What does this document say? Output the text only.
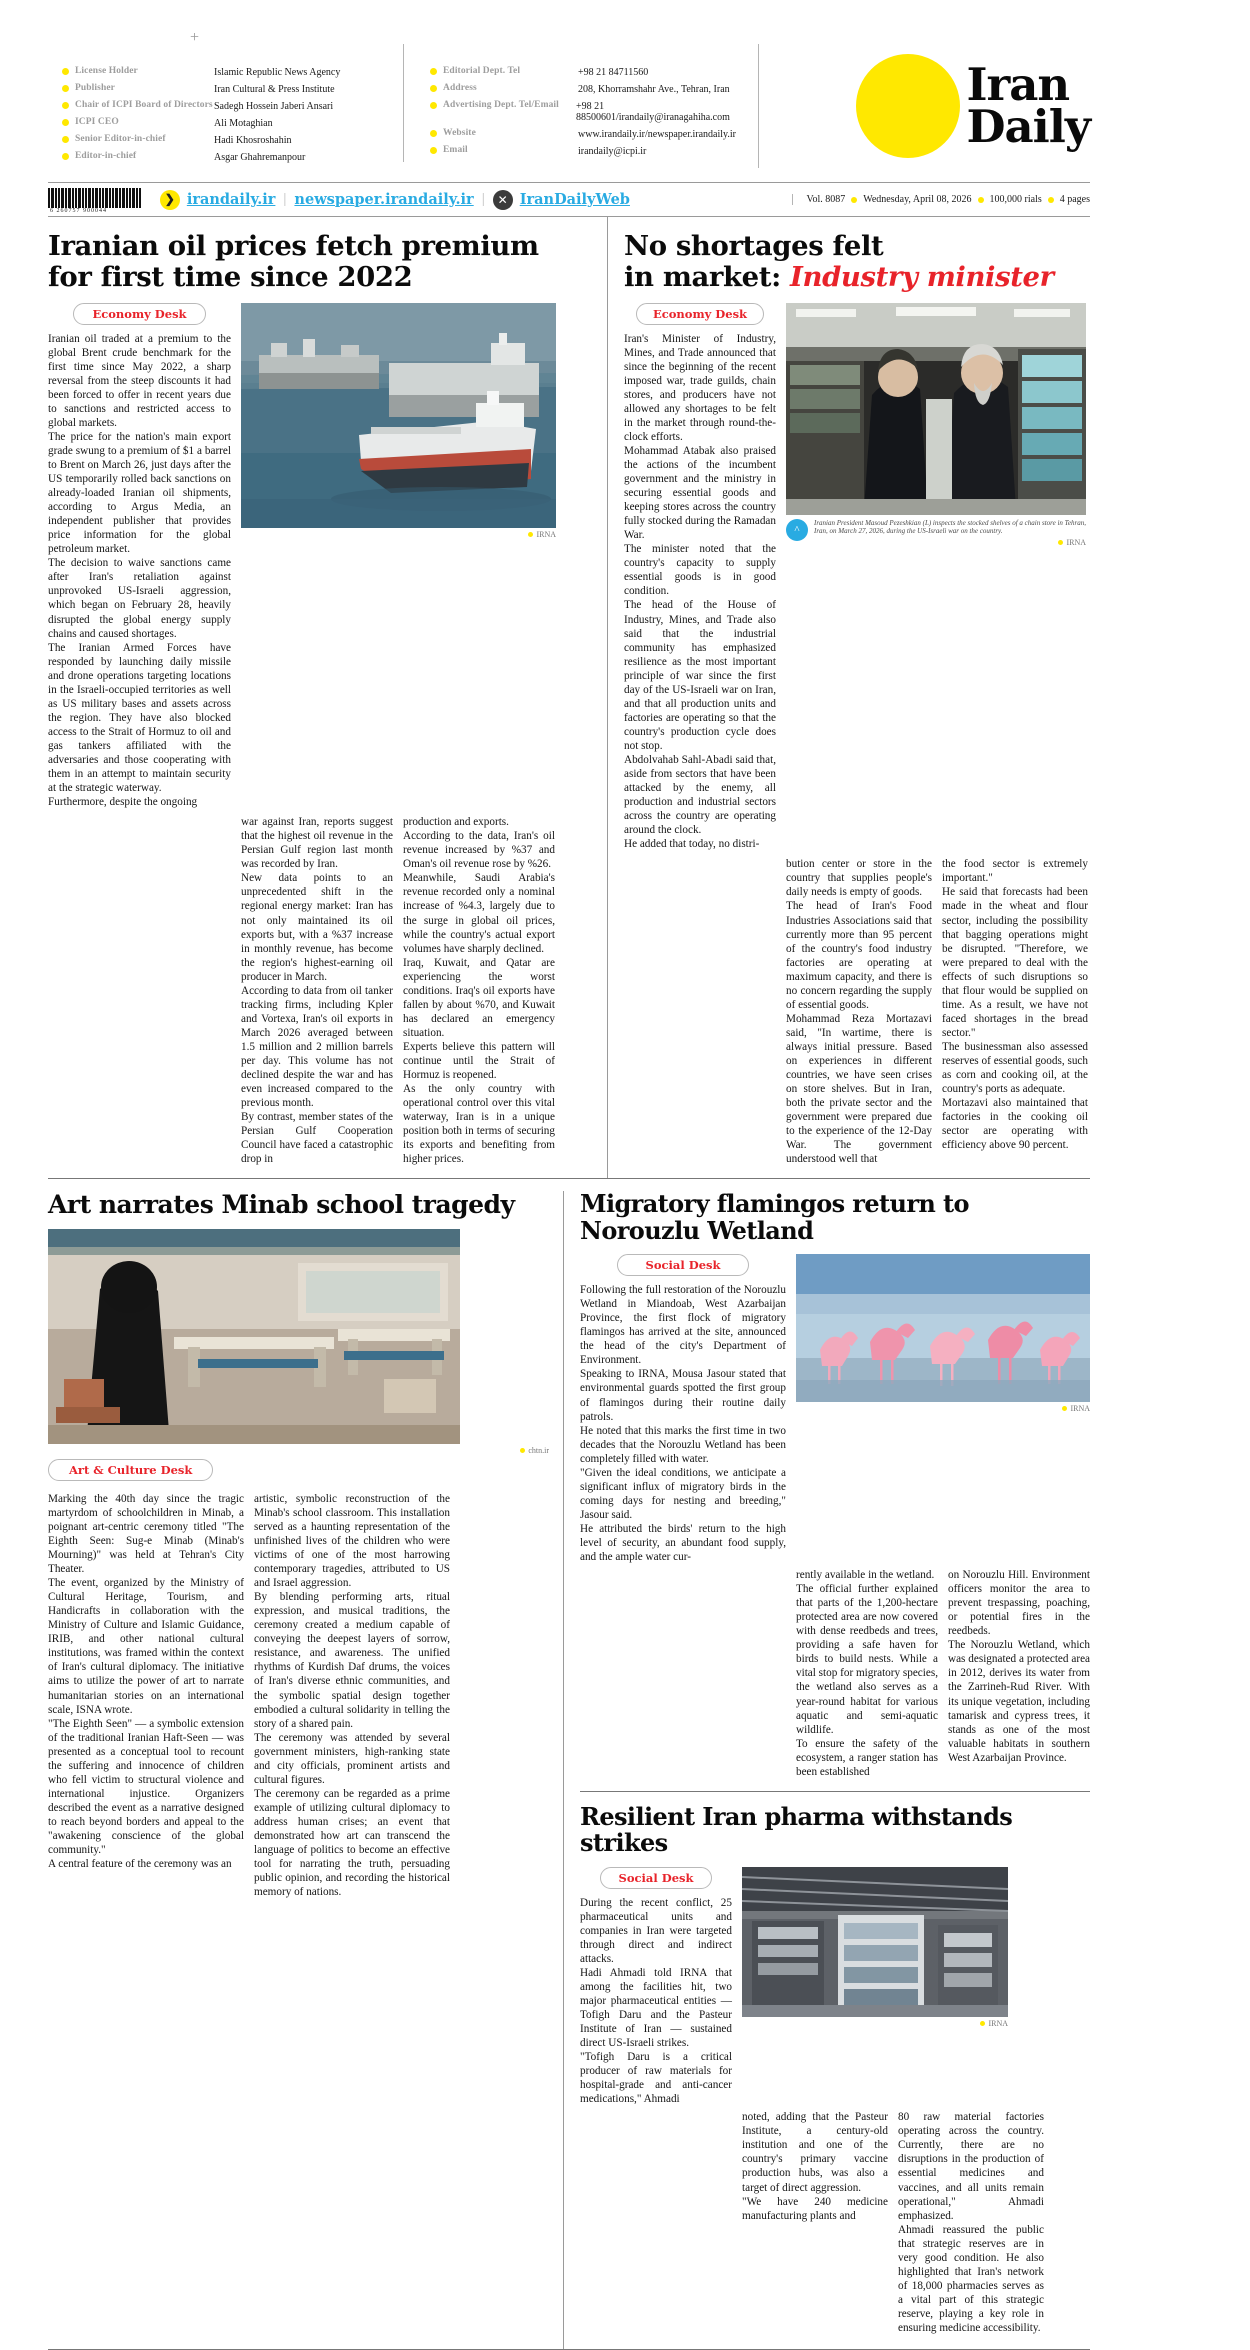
+
License Holder	Islamic Republic News Agency
Publisher	Iran Cultural & Press Institute
Chair of ICPI Board of Directors Sadegh Hossein Jaberi Ansari
ICPI CEO	Ali Motaghian
Senior Editor-in-chief	Hadi Khosroshahin
Editor-in-chief	Asgar Ghahremanpour
Editorial Dept. Tel	+98 21 84711560
Address	208, Khorramshahr Ave., Tehran, Iran
Advertising Dept. Tel/Email +98 21 88500601/irandaily@iranagahiha.com
Website	www.irandaily.ir/newspaper.irandaily.ir
Email	irandaily@icpi.ir
Iran
Daily
6 260757 900044
❯ irandaily.ir | newspaper.irandaily.ir |	✕ IranDailyWeb	Vol. 8087 Wednesday, April 08, 2026 100,000 rials 4 pages
Iranian oil prices fetch premium
for first time since 2022
Economy Desk

Iranian oil traded at a premium to the global Brent crude benchmark for the first time since May 2022, a sharp reversal from the steep discounts it had been forced to offer in recent years due to sanctions and restricted access to global markets.

The price for the nation's main export grade swung to a premium of $1 a barrel to Brent on March 26, just days after the US temporarily rolled back sanctions on already-loaded Iranian oil shipments, according to Argus Media, an independent publisher that provides price information for the global petroleum market.

The decision to waive sanctions came after Iran's retaliation against unprovoked US-Israeli aggression, which began on February 28, heavily disrupted the global energy supply chains and caused shortages.

The Iranian Armed Forces have responded by launching daily missile and drone operations targeting locations in the Israeli-occupied territories as well as US military bases and assets across the region. They have also blocked access to the Strait of Hormuz to oil and gas tankers affiliated with the adversaries and those cooperating with them in an attempt to maintain security at the strategic waterway.

Furthermore, despite the ongoing

IRNA

war against Iran, reports suggest that the highest oil revenue in the Persian Gulf region last month was recorded by Iran.

New data points to an unprecedented shift in the regional energy market: Iran has not only maintained its oil exports but, with a %37 increase in monthly revenue, has become the region's highest-earning oil producer in March.

According to data from oil tanker tracking firms, including Kpler and Vortexa, Iran's oil exports in March 2026 averaged between 1.5 million and 2 million barrels per day. This volume has not declined despite the war and has even increased compared to the previous month.

By contrast, member states of the Persian Gulf Cooperation Council have faced a catastrophic drop in

production and exports.

According to the data, Iran's oil revenue increased by %37 and Oman's oil revenue rose by %26.

Meanwhile, Saudi Arabia's revenue recorded only a nominal increase of %4.3, largely due to the surge in global oil prices, while the country's actual export volumes have sharply declined.

Iraq, Kuwait, and Qatar are experiencing the worst conditions. Iraq's oil exports have fallen by about %70, and Kuwait has declared an emergency situation.

Experts believe this pattern will continue until the Strait of Hormuz is reopened.

As the only country with operational control over this vital waterway, Iran is in a unique position both in terms of securing its exports and benefiting from higher prices.

No shortages felt
in market: Industry minister
Economy Desk

Iran's Minister of Industry, Mines, and Trade announced that since the beginning of the recent imposed war, trade guilds, chain stores, and producers have not allowed any shortages to be felt in the market through round-the-clock efforts.

Mohammad Atabak also praised the actions of the incumbent government and the ministry in securing essential goods and keeping stores across the country fully stocked during the Ramadan War.

The minister noted that the country's capacity to supply essential goods is in good condition.

The head of the House of Industry, Mines, and Trade also said that the industrial community has emphasized resilience as the most important principle of war since the first day of the US-Israeli war on Iran, and that all production units and factories are operating so that the country's production cycle does not stop.

Abdolvahab Sahl-Abadi said that, aside from sectors that have been attacked by the enemy, all production and industrial sectors across the country are operating around the clock.

He added that today, no distri-

^
Iranian President Masoud Pezeshkian (L) inspects the stocked shelves of a chain store in Tehran, Iran, on March 27, 2026, during the US-Israeli war on the country.
IRNA

bution center or store in the country that supplies people's daily needs is empty of goods.

The head of Iran's Food Industries Associations said that currently more than 95 percent of the country's food industry factories are operating at maximum capacity, and there is no concern regarding the supply of essential goods.

Mohammad Reza Mortazavi said, "In wartime, there is always initial pressure. Based on experiences in different countries, we have seen crises on store shelves. But in Iran, both the private sector and the government were prepared due to the experience of the 12-Day War. The government understood well that

the food sector is extremely important."

He said that forecasts had been made in the wheat and flour sector, including the possibility that bagging operations might be disrupted. "Therefore, we were prepared to deal with the effects of such disruptions so that flour would be supplied on time. As a result, we have not faced shortages in the bread sector."

The businessman also assessed reserves of essential goods, such as corn and cooking oil, at the country's ports as adequate.

Mortazavi also maintained that factories in the cooking oil sector are operating with efficiency above 90 percent.

Art narrates Minab school tragedy
chtn.ir
Art & Culture Desk

Marking the 40th day since the tragic martyrdom of schoolchildren in Minab, a poignant art-centric ceremony titled "The Eighth Seen: Sug-e Minab (Minab's Mourning)" was held at Tehran's City Theater.

The event, organized by the Ministry of Cultural Heritage, Tourism, and Handicrafts in collaboration with the Ministry of Culture and Islamic Guidance, IRIB, and other national cultural institutions, was framed within the context of Iran's cultural diplomacy. The initiative aims to utilize the power of art to narrate humanitarian stories on an international scale, ISNA wrote.

"The Eighth Seen" — a symbolic extension of the traditional Iranian Haft-Seen — was presented as a conceptual tool to recount the suffering and innocence of children who fell victim to structural violence and international injustice. Organizers described the event as a narrative designed to reach beyond borders and appeal to the "awakening conscience of the global community."

A central feature of the ceremony was an

artistic, symbolic reconstruction of the Minab's school classroom. This installation served as a haunting representation of the unfinished lives of the children who were victims of one of the most harrowing contemporary tragedies, attributed to US and Israel aggression.

By blending performing arts, ritual expression, and musical traditions, the ceremony created a medium capable of conveying the deepest layers of sorrow, resistance, and awareness. The unified rhythms of Kurdish Daf drums, the voices of Iran's diverse ethnic communities, and the symbolic spatial design together embodied a cultural solidarity in telling the story of a shared pain.

The ceremony was attended by several government ministers, high-ranking state and city officials, prominent artists and cultural figures.

The ceremony can be regarded as a prime example of utilizing cultural diplomacy to address human crises; an event that demonstrated how art can transcend the language of politics to become an effective tool for narrating the truth, persuading public opinion, and recording the historical memory of nations.

Migratory flamingos return to Norouzlu Wetland
Social Desk

Following the full restoration of the Norouzlu Wetland in Miandoab, West Azarbaijan Province, the first flock of migratory flamingos has arrived at the site, announced the head of the city's Department of Environment.

Speaking to IRNA, Mousa Jasour stated that environmental guards spotted the first group of flamingos during their routine daily patrols.

He noted that this marks the first time in two decades that the Norouzlu Wetland has been completely filled with water.

"Given the ideal conditions, we anticipate a significant influx of migratory birds in the coming days for nesting and breeding," Jasour said.

He attributed the birds' return to the high level of security, an abundant food supply, and the ample water cur-

IRNA

rently available in the wetland.

The official further explained that parts of the 1,200-hectare protected area are now covered with dense reedbeds and trees, providing a safe haven for birds to build nests. While a vital stop for migratory species, the wetland also serves as a year-round habitat for various aquatic and semi-aquatic wildlife.

To ensure the safety of the ecosystem, a ranger station has been established

on Norouzlu Hill. Environment officers monitor the area to prevent trespassing, poaching, or potential fires in the reedbeds.

The Norouzlu Wetland, which was designated a protected area in 2012, derives its water from the Zarrineh-Rud River. With its unique vegetation, including tamarisk and cypress trees, it stands as one of the most valuable habitats in southern West Azarbaijan Province.

Resilient Iran pharma withstands strikes
Social Desk

During the recent conflict, 25 pharmaceutical units and companies in Iran were targeted through direct and indirect attacks.

Hadi Ahmadi told IRNA that among the facilities hit, two major pharmaceutical entities — Tofigh Daru and the Pasteur Institute of Iran — sustained direct US-Israeli strikes.

"Tofigh Daru is a critical producer of raw materials for hospital-grade and anti-cancer medications," Ahmadi

IRNA

noted, adding that the Pasteur Institute, a century-old institution and one of the country's primary vaccine production hubs, was also a target of direct aggression.

"We have 240 medicine manufacturing plants and

80 raw material factories operating across the country. Currently, there are no disruptions in the production of essential medicines and vaccines, and all units remain operational," Ahmadi emphasized.

Ahmadi reassured the public that strategic reserves are in very good condition. He also highlighted that Iran's network of 18,000 pharmacies serves as a vital part of this strategic reserve, playing a key role in ensuring medicine accessibility.
